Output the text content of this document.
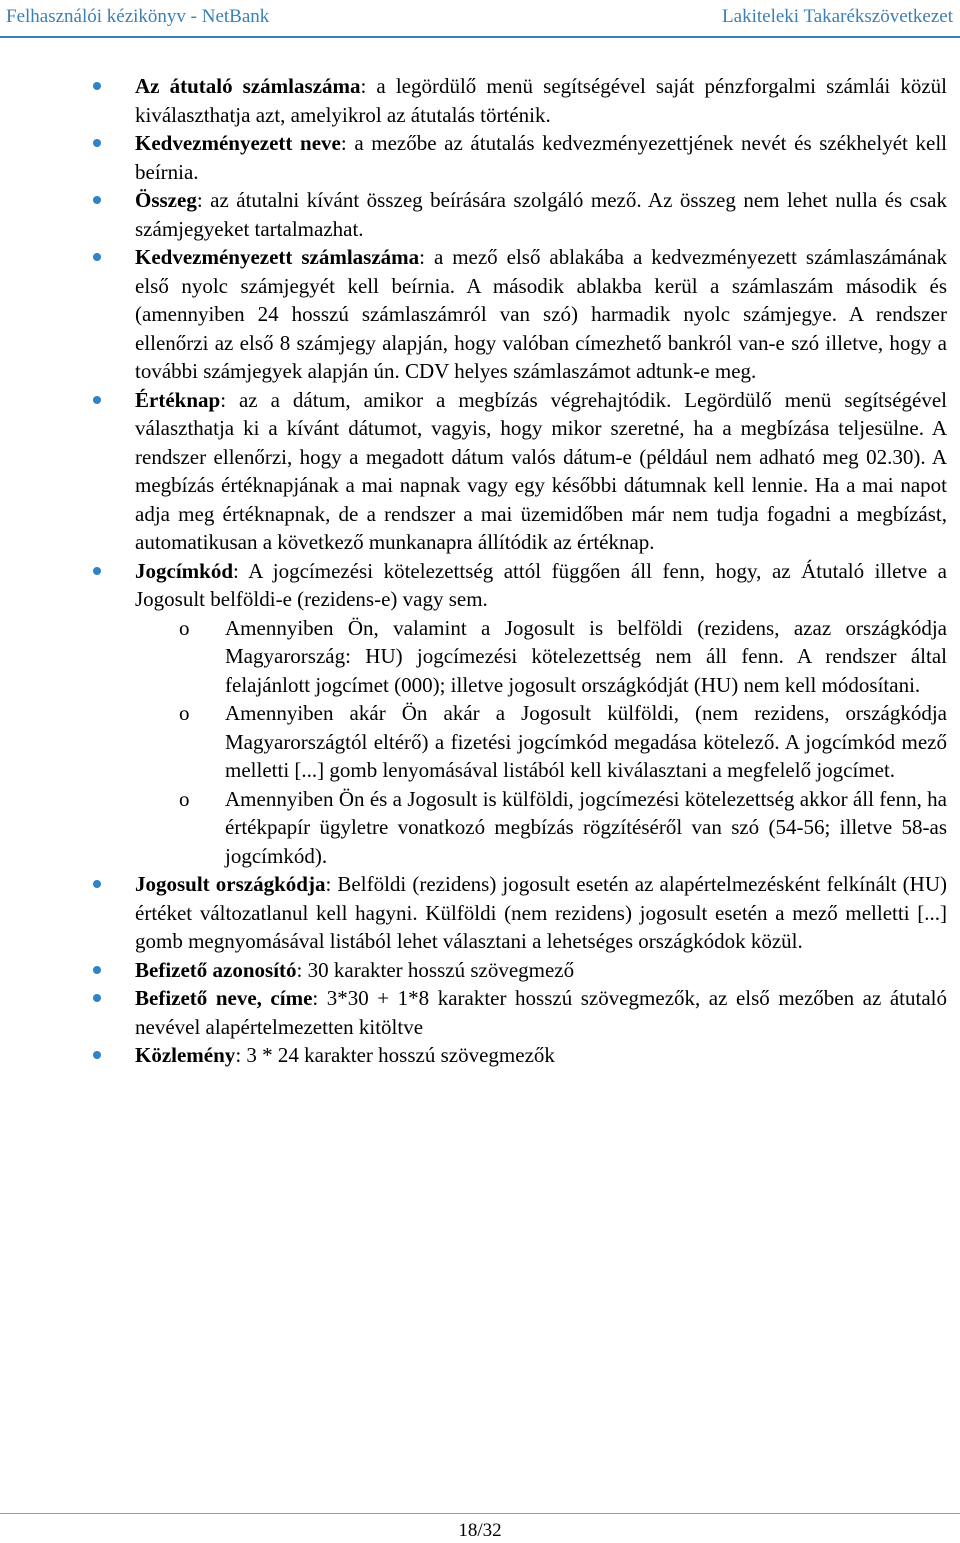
Felhasználói kézikönyv - NetBank	Lakiteleki Takarékszövetkezet
Az átutaló számlaszáma: a legördülő menü segítségével saját pénzforgalmi számlái közül kiválaszthatja azt, amelyikrol az átutalás történik.
Kedvezményezett neve: a mezőbe az átutalás kedvezményezettjének nevét és székhelyét kell beírnia.
Összeg: az átutalni kívánt összeg beírására szolgáló mező. Az összeg nem lehet nulla és csak számjegyeket tartalmazhat.
Kedvezményezett számlaszáma: a mező első ablakába a kedvezményezett számlaszámának első nyolc számjegyét kell beírnia. A második ablakba kerül a számlaszám második és (amennyiben 24 hosszú számlaszámról van szó) harmadik nyolc számjegye. A rendszer ellenőrzi az első 8 számjegy alapján, hogy valóban címezhető bankról van-e szó illetve, hogy a további számjegyek alapján ún. CDV helyes számlaszámot adtunk-e meg.
Értéknap: az a dátum, amikor a megbízás végrehajtódik. Legördülő menü segítségével választhatja ki a kívánt dátumot, vagyis, hogy mikor szeretné, ha a megbízása teljesülne. A rendszer ellenőrzi, hogy a megadott dátum valós dátum-e (például nem adható meg 02.30). A megbízás értéknapjának a mai napnak vagy egy későbbi dátumnak kell lennie. Ha a mai napot adja meg értéknapnak, de a rendszer a mai üzemidőben már nem tudja fogadni a megbízást, automatikusan a következő munkanapra állítódik az értéknap.
Jogcímkód: A jogcímezési kötelezettség attól függően áll fenn, hogy, az Átutaló illetve a Jogosult belföldi-e (rezidens-e) vagy sem.
o Amennyiben Ön, valamint a Jogosult is belföldi (rezidens, azaz országkódja Magyarország: HU) jogcímezési kötelezettség nem áll fenn. A rendszer által felajánlott jogcímet (000); illetve jogosult országkódját (HU) nem kell módosítani.
o Amennyiben akár Ön akár a Jogosult külföldi, (nem rezidens, országkódja Magyarországtól eltérő) a fizetési jogcímkód megadása kötelező. A jogcímkód mező melletti [...] gomb lenyomásával listából kell kiválasztani a megfelelő jogcímet.
o Amennyiben Ön és a Jogosult is külföldi, jogcímezési kötelezettség akkor áll fenn, ha értékpapír ügyletre vonatkozó megbízás rögzítéséről van szó (54-56; illetve 58-as jogcímkód).
Jogosult országkódja: Belföldi (rezidens) jogosult esetén az alapértelmezésként felkínált (HU) értéket változatlanul kell hagyni. Külföldi (nem rezidens) jogosult esetén a mező melletti [...] gomb megnyomásával listából lehet választani a lehetséges országkódok közül.
Befizető azonosító: 30 karakter hosszú szövegmező
Befizető neve, címe: 3*30 + 1*8 karakter hosszú szövegmezők, az első mezőben az átutaló nevével alapértelmezetten kitöltve
Közlemény: 3 * 24 karakter hosszú szövegmezők
18/32
